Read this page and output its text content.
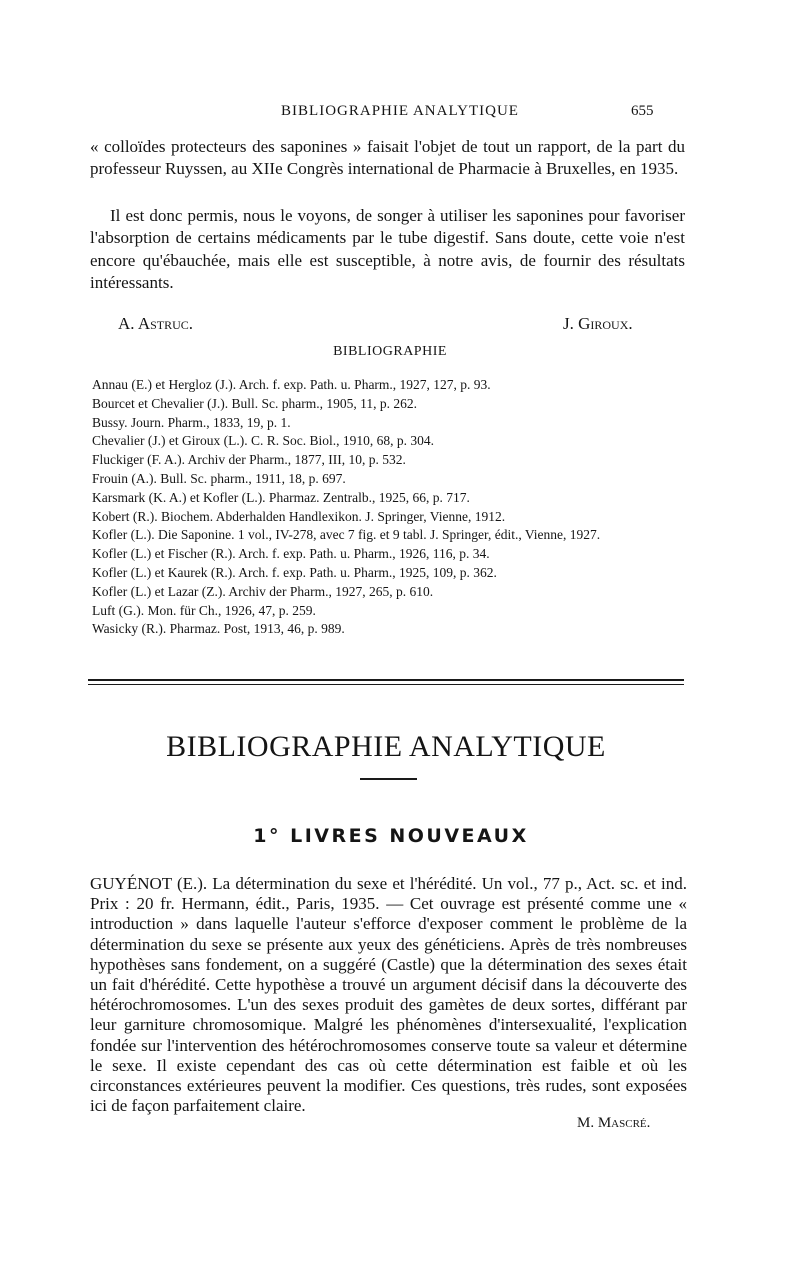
BIBLIOGRAPHIE ANALYTIQUE	655

« colloïdes protecteurs des saponines » faisait l'objet de tout un rapport, de la part du professeur Ruyssen, au XIIe Congrès international de Pharmacie à Bruxelles, en 1935.

Il est donc permis, nous le voyons, de songer à utiliser les saponines pour favoriser l'absorption de certains médicaments par le tube digestif. Sans doute, cette voie n'est encore qu'ébauchée, mais elle est susceptible, à notre avis, de fournir des résultats intéressants.

A. Astruc.	J. Giroux.
BIBLIOGRAPHIE
Annau (E.) et Hergloz (J.). Arch. f. exp. Path. u. Pharm., 1927, 127, p. 93.
Bourcet et Chevalier (J.). Bull. Sc. pharm., 1905, 11, p. 262.
Bussy. Journ. Pharm., 1833, 19, p. 1.
Chevalier (J.) et Giroux (L.). C. R. Soc. Biol., 1910, 68, p. 304.
Fluckiger (F. A.). Archiv der Pharm., 1877, III, 10, p. 532.
Frouin (A.). Bull. Sc. pharm., 1911, 18, p. 697.
Karsmark (K. A.) et Kofler (L.). Pharmaz. Zentralb., 1925, 66, p. 717.
Kobert (R.). Biochem. Abderhalden Handlexikon. J. Springer, Vienne, 1912.
Kofler (L.). Die Saponine. 1 vol., IV-278, avec 7 fig. et 9 tabl. J. Springer, édit., Vienne, 1927.
Kofler (L.) et Fischer (R.). Arch. f. exp. Path. u. Pharm., 1926, 116, p. 34.
Kofler (L.) et Kaurek (R.). Arch. f. exp. Path. u. Pharm., 1925, 109, p. 362.
Kofler (L.) et Lazar (Z.). Archiv der Pharm., 1927, 265, p. 610.
Luft (G.). Mon. für Ch., 1926, 47, p. 259.
Wasicky (R.). Pharmaz. Post, 1913, 46, p. 989.
BIBLIOGRAPHIE ANALYTIQUE
1° LIVRES NOUVEAUX

GUYÉNOT (E.). La détermination du sexe et l'hérédité. Un vol., 77 p., Act. sc. et ind. Prix : 20 fr. Hermann, édit., Paris, 1935. — Cet ouvrage est présenté comme une « introduction » dans laquelle l'auteur s'efforce d'exposer comment le problème de la détermination du sexe se présente aux yeux des généticiens. Après de très nombreuses hypothèses sans fondement, on a suggéré (Castle) que la détermination des sexes était un fait d'hérédité. Cette hypothèse a trouvé un argument décisif dans la découverte des hétérochromosomes. L'un des sexes produit des gamètes de deux sortes, différant par leur garniture chromosomique. Malgré les phénomènes d'intersexualité, l'explication fondée sur l'intervention des hétérochromosomes conserve toute sa valeur et détermine le sexe. Il existe cependant des cas où cette détermination est faible et où les circonstances extérieures peuvent la modifier. Ces questions, très rudes, sont exposées ici de façon parfaitement claire.

M. Mascré.
